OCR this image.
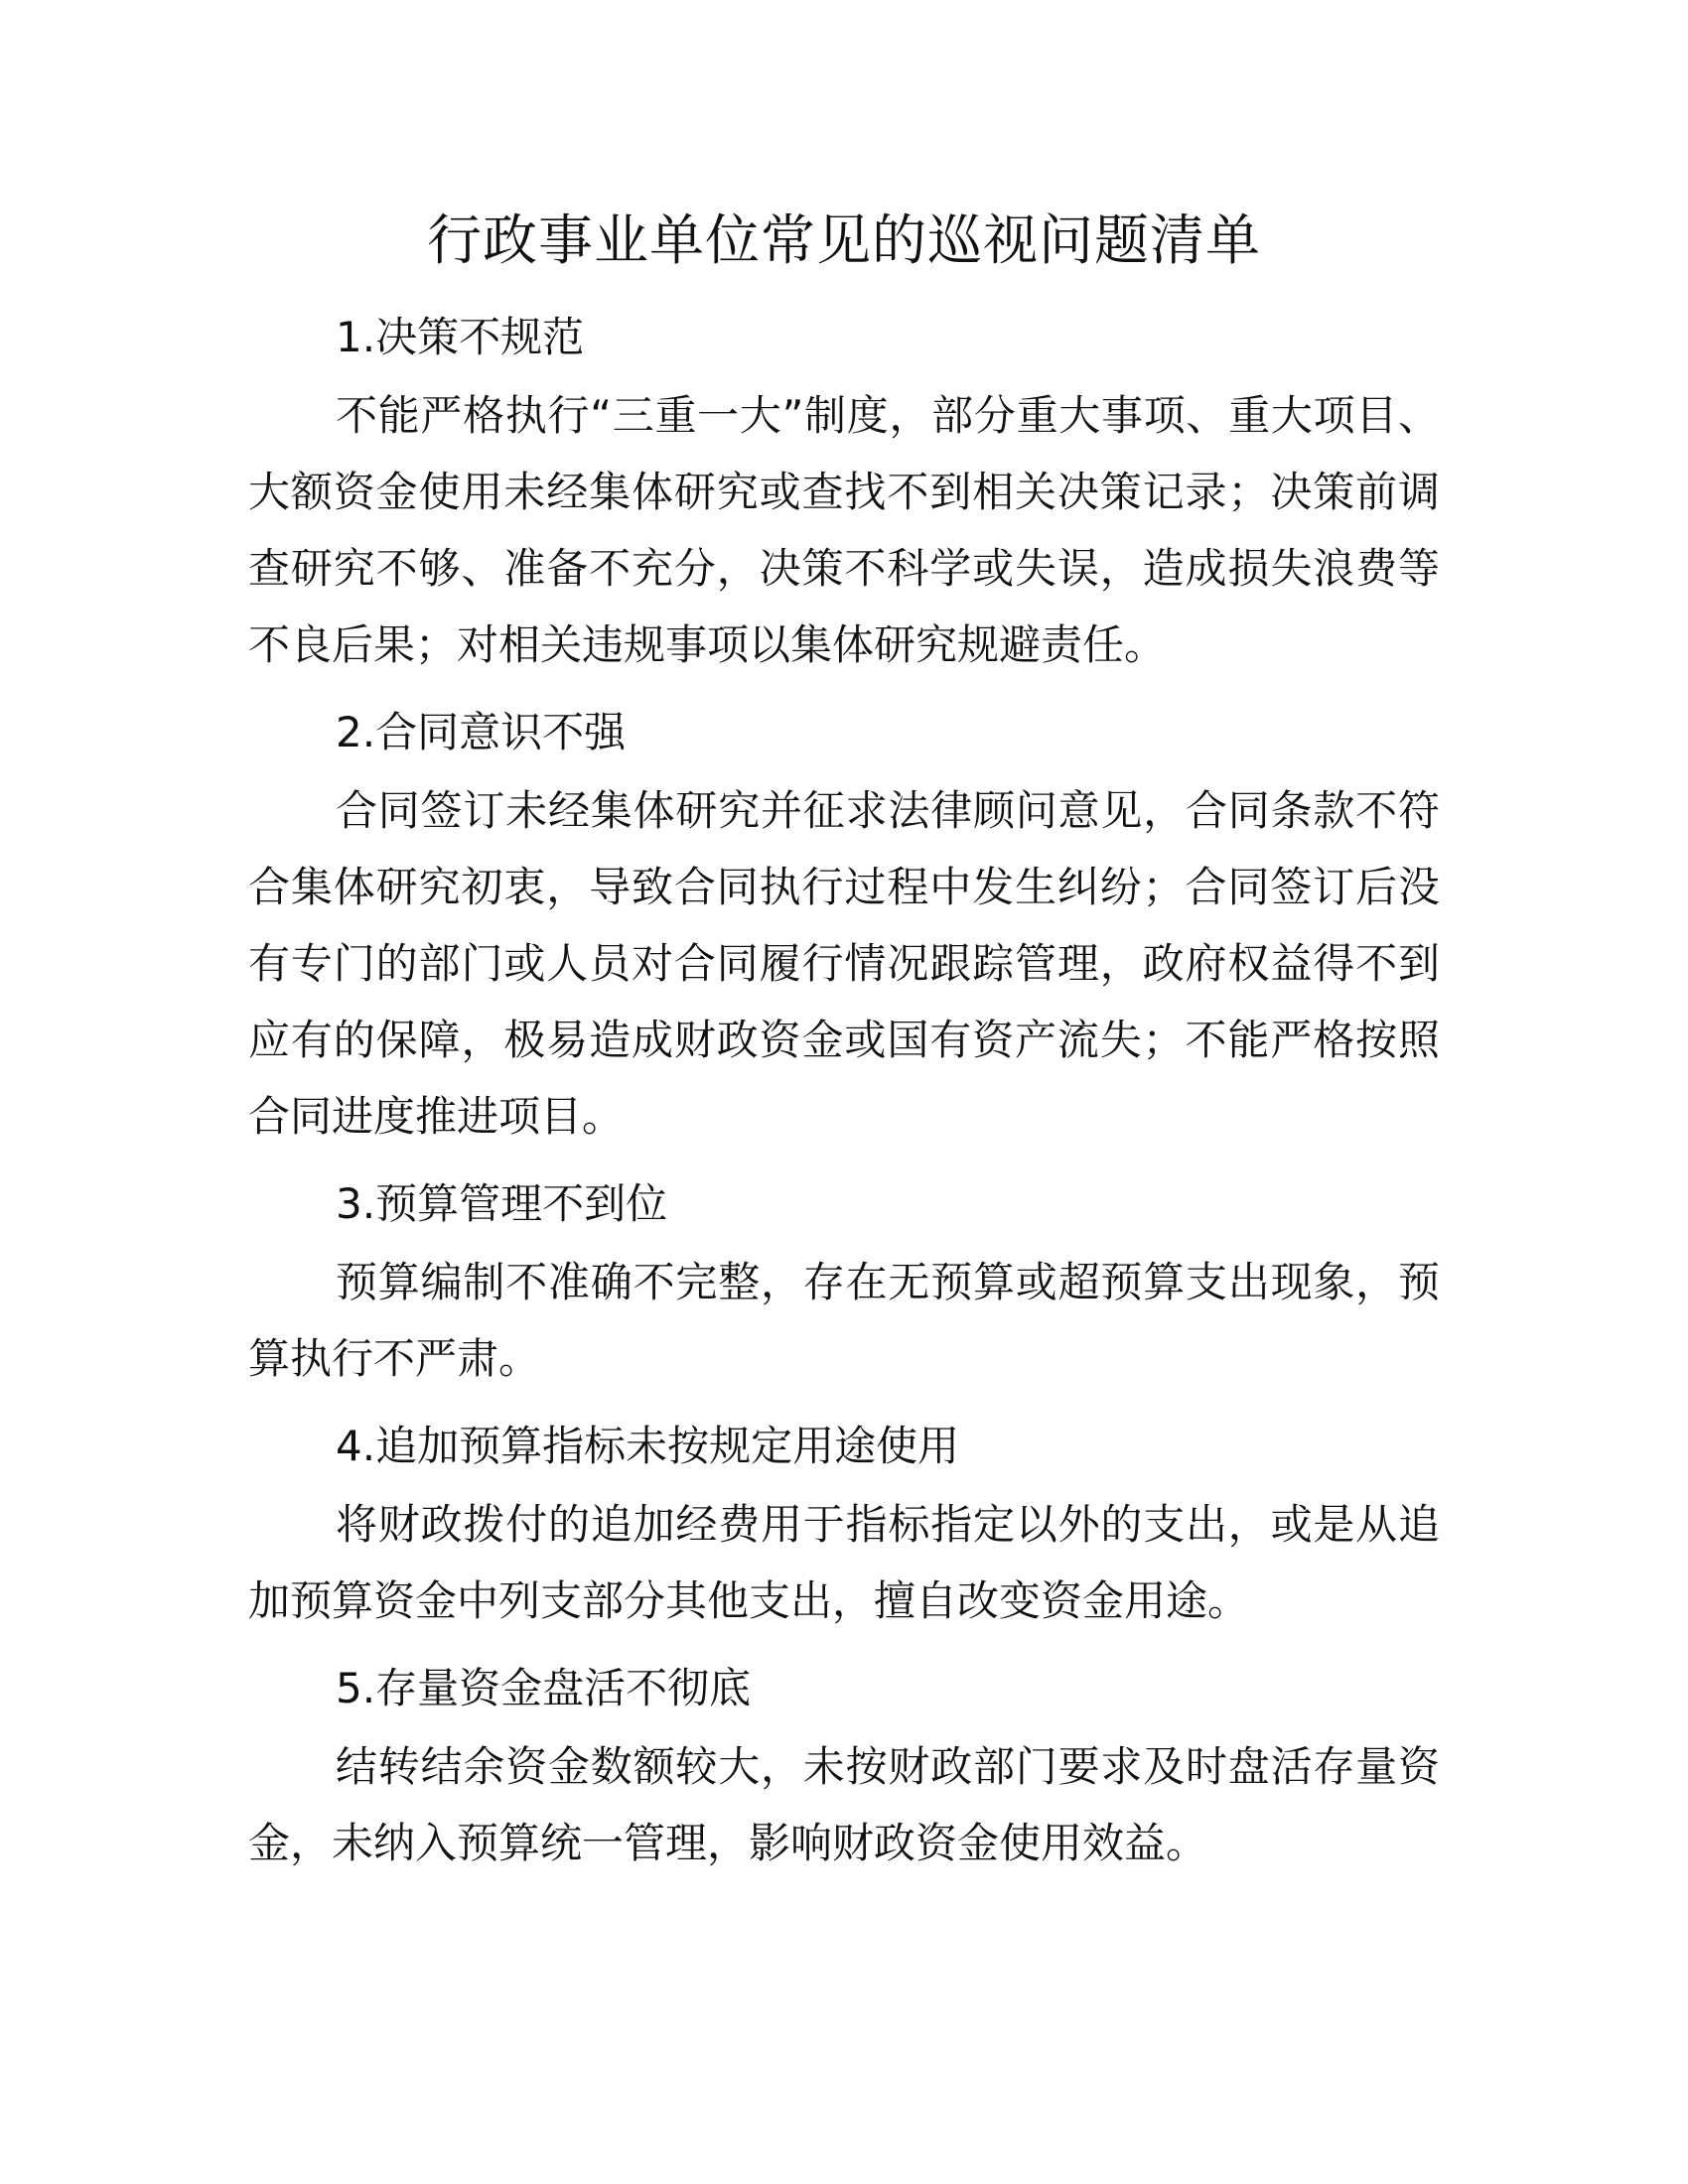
行政事业单位常见的巡视问题清单
1.决策不规范

不能严格执行“三重一大”制度，部分重大事项、重大项目、大额资金使用未经集体研究或查找不到相关决策记录；决策前调查研究不够、准备不充分，决策不科学或失误，造成损失浪费等不良后果；对相关违规事项以集体研究规避责任。

2.合同意识不强

合同签订未经集体研究并征求法律顾问意见，合同条款不符合集体研究初衷，导致合同执行过程中发生纠纷；合同签订后没有专门的部门或人员对合同履行情况跟踪管理，政府权益得不到应有的保障，极易造成财政资金或国有资产流失；不能严格按照合同进度推进项目。

3.预算管理不到位

预算编制不准确不完整，存在无预算或超预算支出现象，预算执行不严肃。

4.追加预算指标未按规定用途使用

将财政拨付的追加经费用于指标指定以外的支出，或是从追加预算资金中列支部分其他支出，擅自改变资金用途。

5.存量资金盘活不彻底

结转结余资金数额较大，未按财政部门要求及时盘活存量资金，未纳入预算统一管理，影响财政资金使用效益。
